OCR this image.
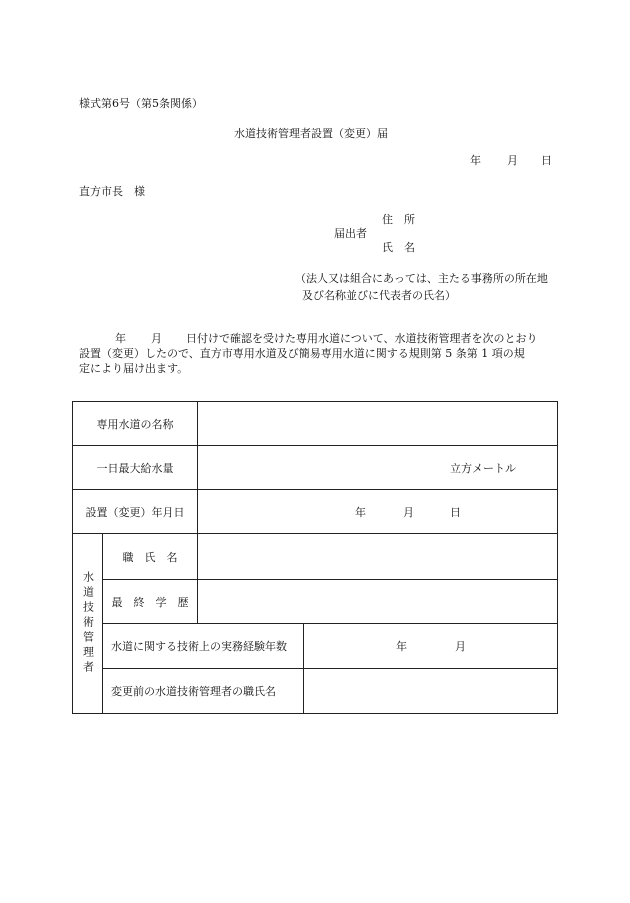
様式第6号（第5条関係）
水道技術管理者設置（変更）届
年 月 日
直方市長　様
住　所
届出者
氏　名
（法人又は組合にあっては、主たる事務所の所在地
及び名称並びに代表者の氏名）
年 月 日付けで確認を受けた専用水道について、水道技術管理者を次のとおり
設置（変更）したので、直方市専用水道及び簡易専用水道に関する規則第 5 条第 1 項の規
定により届け出ます。
専用水道の名称			
一日最大給水量		立方メートル	
設置（変更）年月日		年 月 日	

水道技術管理者	職　氏　名		
	最　終　学　歴		
	水道に関する技術上の実務経験年数		年 月
	変更前の水道技術管理者の職氏名		
